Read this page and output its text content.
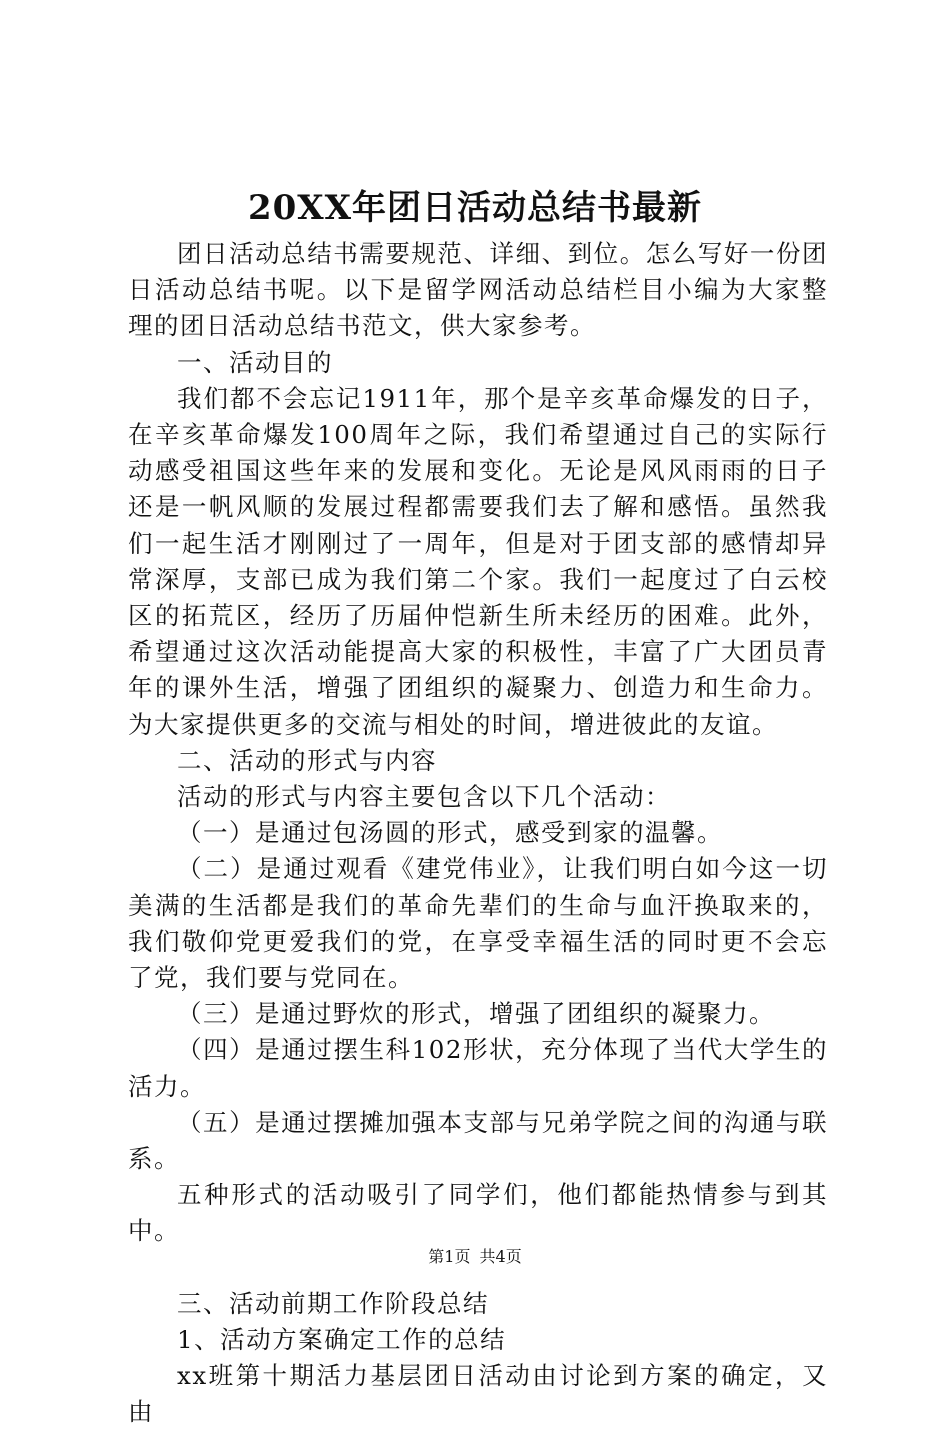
20XX年团日活动总结书最新

团日活动总结书需要规范、详细、到位。怎么写好一份团日活动总结书呢。以下是留学网活动总结栏目小编为大家整理的团日活动总结书范文，供大家参考。

一、活动目的

我们都不会忘记1911年，那个是辛亥革命爆发的日子，在辛亥革命爆发100周年之际，我们希望通过自己的实际行动感受祖国这些年来的发展和变化。无论是风风雨雨的日子还是一帆风顺的发展过程都需要我们去了解和感悟。虽然我们一起生活才刚刚过了一周年，但是对于团支部的感情却异常深厚，支部已成为我们第二个家。我们一起度过了白云校区的拓荒区，经历了历届仲恺新生所未经历的困难。此外，希望通过这次活动能提高大家的积极性，丰富了广大团员青年的课外生活，增强了团组织的凝聚力、创造力和生命力。为大家提供更多的交流与相处的时间，增进彼此的友谊。

二、活动的形式与内容

活动的形式与内容主要包含以下几个活动：

（一）是通过包汤圆的形式，感受到家的温馨。

（二）是通过观看《建党伟业》，让我们明白如今这一切美满的生活都是我们的革命先辈们的生命与血汗换取来的，我们敬仰党更爱我们的党，在享受幸福生活的同时更不会忘了党，我们要与党同在。

（三）是通过野炊的形式，增强了团组织的凝聚力。

（四）是通过摆生科102形状，充分体现了当代大学生的活力。

（五）是通过摆摊加强本支部与兄弟学院之间的沟通与联系。

五种形式的活动吸引了同学们，他们都能热情参与到其中。

三、活动前期工作阶段总结

1、活动方案确定工作的总结

xx班第十期活力基层团日活动由讨论到方案的确定，又由

第1页 共4页
